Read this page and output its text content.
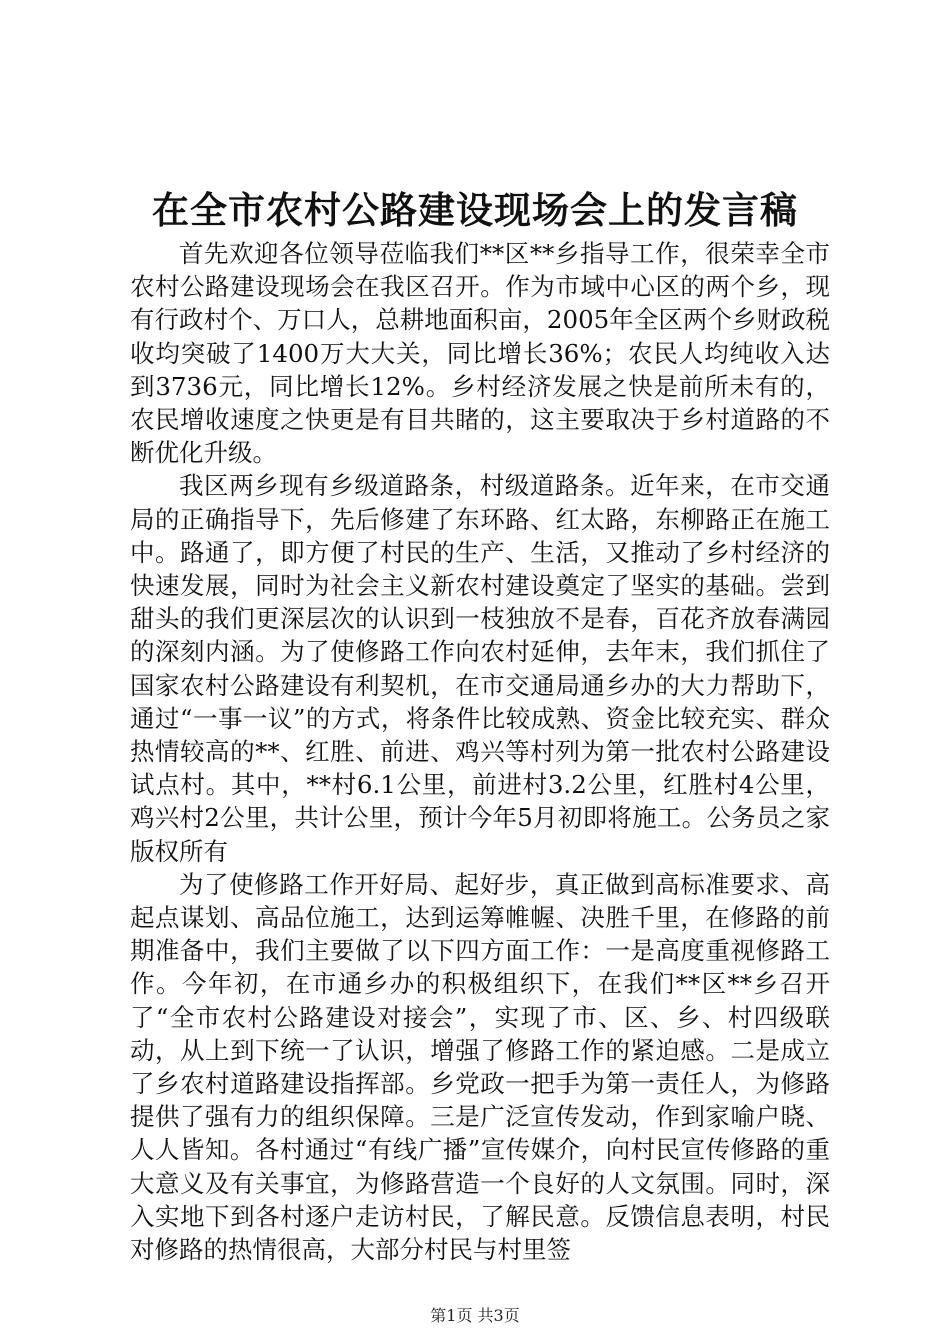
在全市农村公路建设现场会上的发言稿

首先欢迎各位领导莅临我们**区**乡指导工作，很荣幸全市农村公路建设现场会在我区召开。作为市域中心区的两个乡，现有行政村个、万口人，总耕地面积亩，2005年全区两个乡财政税收均突破了1400万大大关，同比增长36%；农民人均纯收入达到3736元，同比增长12%。乡村经济发展之快是前所未有的，农民增收速度之快更是有目共睹的，这主要取决于乡村道路的不断优化升级。

我区两乡现有乡级道路条，村级道路条。近年来，在市交通局的正确指导下，先后修建了东环路、红太路，东柳路正在施工中。路通了，即方便了村民的生产、生活，又推动了乡村经济的快速发展，同时为社会主义新农村建设奠定了坚实的基础。尝到甜头的我们更深层次的认识到一枝独放不是春，百花齐放春满园的深刻内涵。为了使修路工作向农村延伸，去年末，我们抓住了国家农村公路建设有利契机，在市交通局通乡办的大力帮助下，通过“一事一议”的方式，将条件比较成熟、资金比较充实、群众热情较高的**、红胜、前进、鸡兴等村列为第一批农村公路建设试点村。其中，**村6.1公里，前进村3.2公里，红胜村4公里，鸡兴村2公里，共计公里，预计今年5月初即将施工。公务员之家版权所有

为了使修路工作开好局、起好步，真正做到高标准要求、高起点谋划、高品位施工，达到运筹帷幄、决胜千里，在修路的前期准备中，我们主要做了以下四方面工作：一是高度重视修路工作。今年初，在市通乡办的积极组织下，在我们**区**乡召开了“全市农村公路建设对接会”，实现了市、区、乡、村四级联动，从上到下统一了认识，增强了修路工作的紧迫感。二是成立了乡农村道路建设指挥部。乡党政一把手为第一责任人，为修路提供了强有力的组织保障。三是广泛宣传发动，作到家喻户晓、人人皆知。各村通过“有线广播”宣传媒介，向村民宣传修路的重大意义及有关事宜，为修路营造一个良好的人文氛围。同时，深入实地下到各村逐户走访村民，了解民意。反馈信息表明，村民对修路的热情很高，大部分村民与村里签

第1页 共3页
